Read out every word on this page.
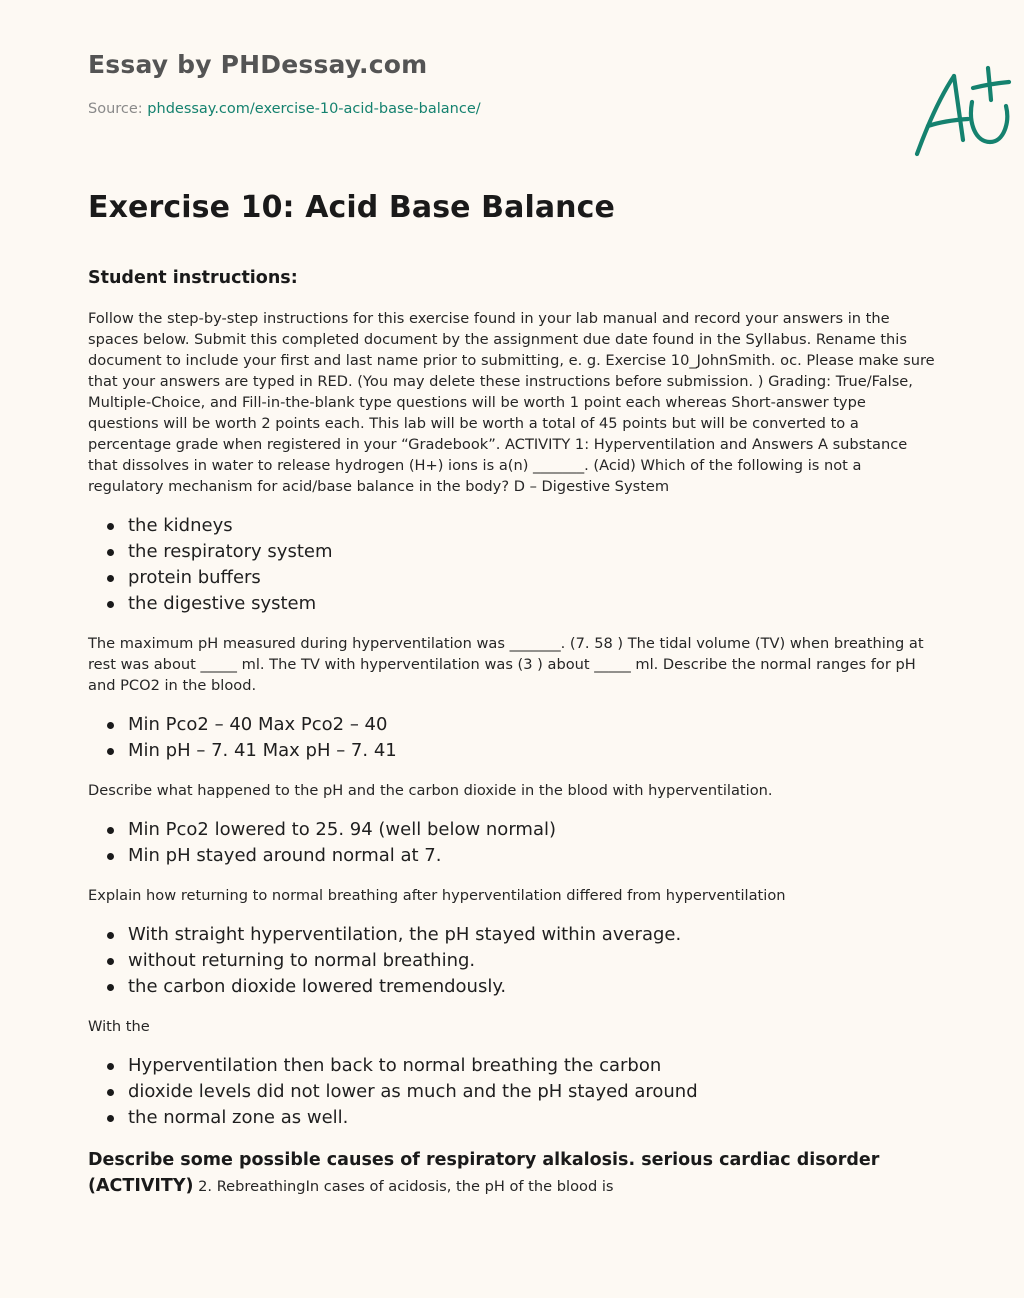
Essay by PHDessay.com
Source: phdessay.com/exercise-10-acid-base-balance/
Exercise 10: Acid Base Balance
Student instructions:

Follow the step-by-step instructions for this exercise found in your lab manual and record your answers in the spaces below. Submit this completed document by the assignment due date found in the Syllabus. Rename this document to include your first and last name prior to submitting, e. g. Exercise 10_JohnSmith. oc. Please make sure that your answers are typed in RED. (You may delete these instructions before submission. ) Grading: True/False, Multiple-Choice, and Fill-in-the-blank type questions will be worth 1 point each whereas Short-answer type questions will be worth 2 points each. This lab will be worth a total of 45 points but will be converted to a percentage grade when registered in your “Gradebook”. ACTIVITY 1: Hyperventilation and Answers A substance that dissolves in water to release hydrogen (H+) ions is a(n) _______. (Acid) Which of the following is not a regulatory mechanism for acid/base balance in the body? D – Digestive System

the kidneys
the respiratory system
protein buffers
the digestive system

The maximum pH measured during hyperventilation was _______. (7. 58 ) The tidal volume (TV) when breathing at rest was about _____ ml. The TV with hyperventilation was (3 ) about _____ ml. Describe the normal ranges for pH and PCO2 in the blood.

Min Pco2 – 40 Max Pco2 – 40
Min pH – 7. 41 Max pH – 7. 41

Describe what happened to the pH and the carbon dioxide in the blood with hyperventilation.

Min Pco2 lowered to 25. 94 (well below normal)
Min pH stayed around normal at 7.

Explain how returning to normal breathing after hyperventilation differed from hyperventilation

With straight hyperventilation, the pH stayed within average.
without returning to normal breathing.
the carbon dioxide lowered tremendously.

With the

Hyperventilation then back to normal breathing the carbon
dioxide levels did not lower as much and the pH stayed around
the normal zone as well.

Describe some possible causes of respiratory alkalosis. serious cardiac disorder (ACTIVITY) 2. RebreathingIn cases of acidosis, the pH of the blood is
